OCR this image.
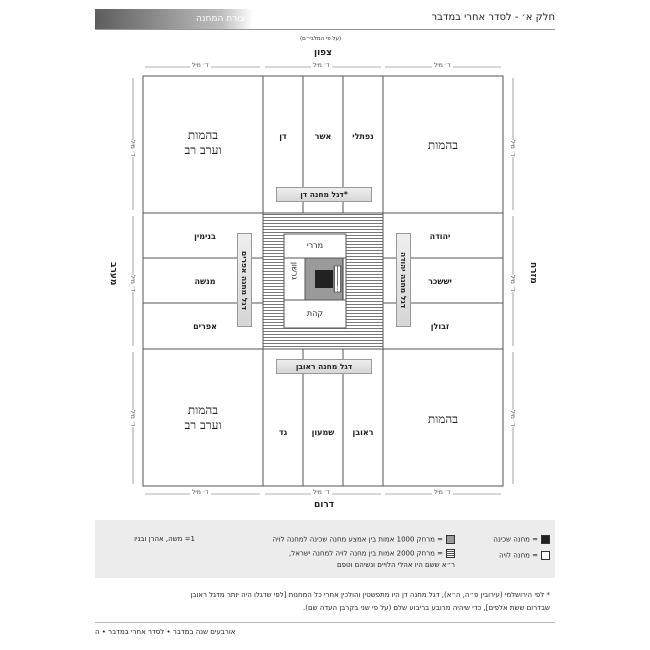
צורת המחנה	חלק א׳ - לסדר אחרי במדבר
(על פי המלבי״ם)
צפון
דרום
מערב	מזרח
ד׳ מיל	ד׳ מיל	ד׳ מיל
ד׳ מיל	ד׳ מיל	ד׳ מיל
ד׳ מיל
ד׳ מיל
ד׳ מיל
ד׳ מיל
ד׳ מיל
ד׳ מיל
בהמות
וערב רב	בהמות
בהמות
וערב רב	בהמות
דן	אשר	נפתלי
גד	שמעון	ראובן
בנימין
מנשה
אפרים
יהודה
יששכר
זבולן
דגל מחנה דן*
דגל מחנה ראובן
דגל מחנה אפרים	דגל מחנה יהודה
מררי
קהת
גרשון
1
= מחנה שכינה
= מחנה לויה
= מרחק 1000 אמות בין אמצע מחנה שכינה למחנה לויה
= מרחק 2000 אמות בין מחנה לויה למחנה ישראל,
ר״א ששם היו אהלי הלויים ונשיהם וטפם
1= משה, אהרן ובניו
* לפי הירושלמי (עירובין פ״ה, ה״א), דגל מחנה דן היו מתפשטין והולכין אחרי כל המחנות [לפי שדגלו היה יותר מדגל ראובן
שבדרום ששת אלפים], כדי שיהיה מרובע בריבוע שלם (על פי שני בקרבן העדה שם).
אורבעים שנה במדבר • לסדר אחרי במדבר • ה
